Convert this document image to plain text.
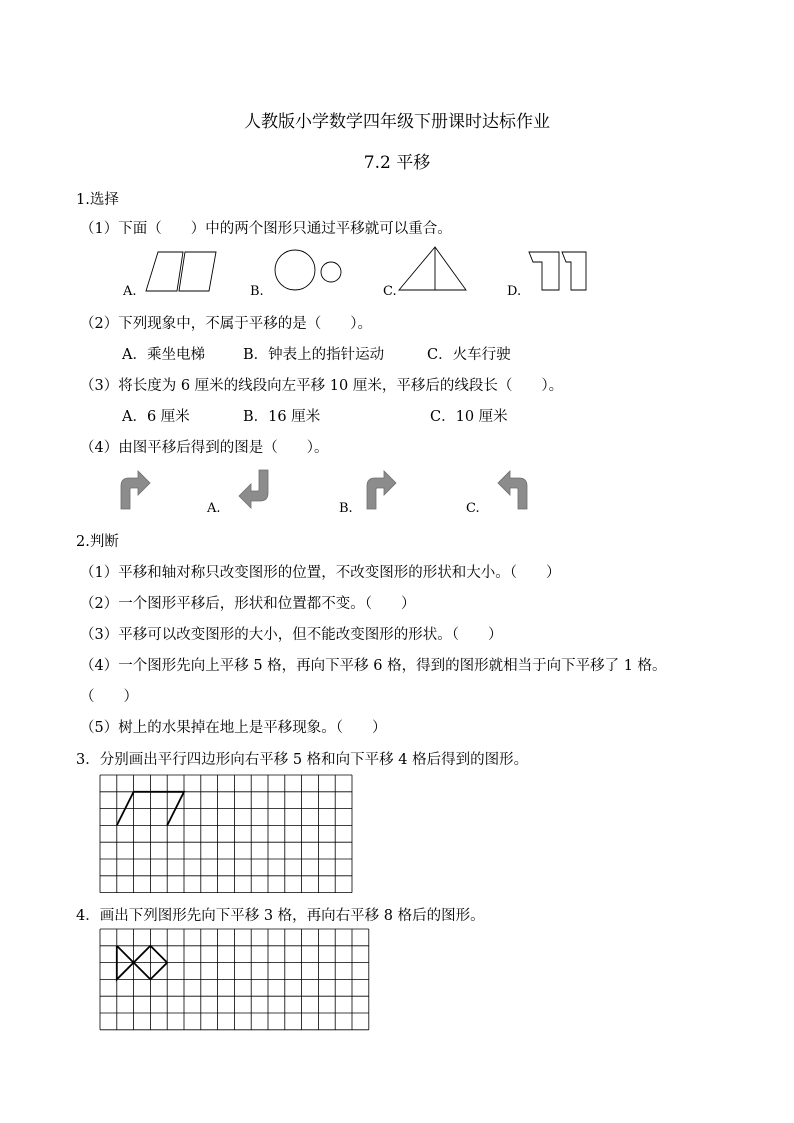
人教版小学数学四年级下册课时达标作业
7.2 平移
1.选择
（1）下面（　　）中的两个图形只通过平移就可以重合。
A.	B.	C.	D.
（2）下列现象中，不属于平移的是（　　）。
A．乘坐电梯	B．钟表上的指针运动	C．火车行驶
（3）将长度为 6 厘米的线段向左平移 10 厘米，平移后的线段长（　　）。
A．6 厘米	B．16 厘米	C．10 厘米
（4）由图平移后得到的图是（　　）。
A.	B.	C.
2.判断
（1）平移和轴对称只改变图形的位置，不改变图形的形状和大小。（　　）
（2）一个图形平移后，形状和位置都不变。（　　）
（3）平移可以改变图形的大小，但不能改变图形的形状。（　　）
（4）一个图形先向上平移 5 格，再向下平移 6 格，得到的图形就相当于向下平移了 1 格。
（　　）
（5）树上的水果掉在地上是平移现象。（　　）
3．分别画出平行四边形向右平移 5 格和向下平移 4 格后得到的图形。
4．画出下列图形先向下平移 3 格，再向右平移 8 格后的图形。
